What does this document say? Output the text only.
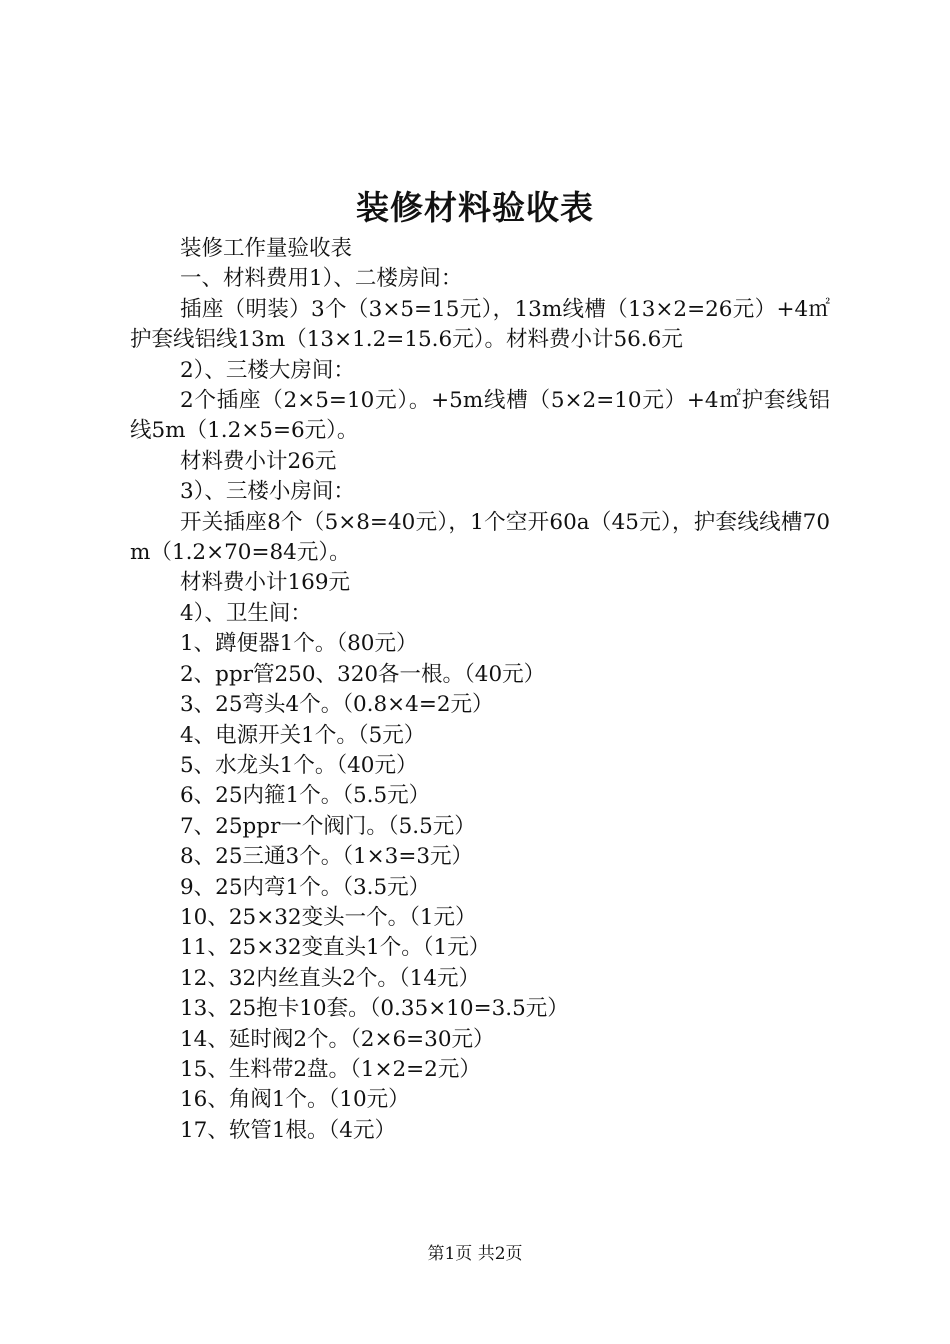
装修材料验收表

装修工作量验收表

一、材料费用1）、二楼房间：

插座（明装）3个（3×5=15元），13m线槽（13×2=26元）+4㎡护套线铝线13m（13×1.2=15.6元）。材料费小计56.6元

2）、三楼大房间：

2个插座（2×5=10元）。+5m线槽（5×2=10元）+4㎡护套线铝线5m（1.2×5=6元）。

材料费小计26元

3）、三楼小房间：

开关插座8个（5×8=40元），1个空开60a（45元），护套线线槽70m（1.2×70=84元）。

材料费小计169元

4）、卫生间：

1、蹲便器1个。（80元）

2、ppr管250、320各一根。（40元）

3、25弯头4个。（0.8×4=2元）

4、电源开关1个。（5元）

5、水龙头1个。（40元）

6、25内箍1个。（5.5元）

7、25ppr一个阀门。（5.5元）

8、25三通3个。（1×3=3元）

9、25内弯1个。（3.5元）

10、25×32变头一个。（1元）

11、25×32变直头1个。（1元）

12、32内丝直头2个。（14元）

13、25抱卡10套。（0.35×10=3.5元）

14、延时阀2个。（2×6=30元）

15、生料带2盘。（1×2=2元）

16、角阀1个。（10元）

17、软管1根。（4元）

第1页 共2页
